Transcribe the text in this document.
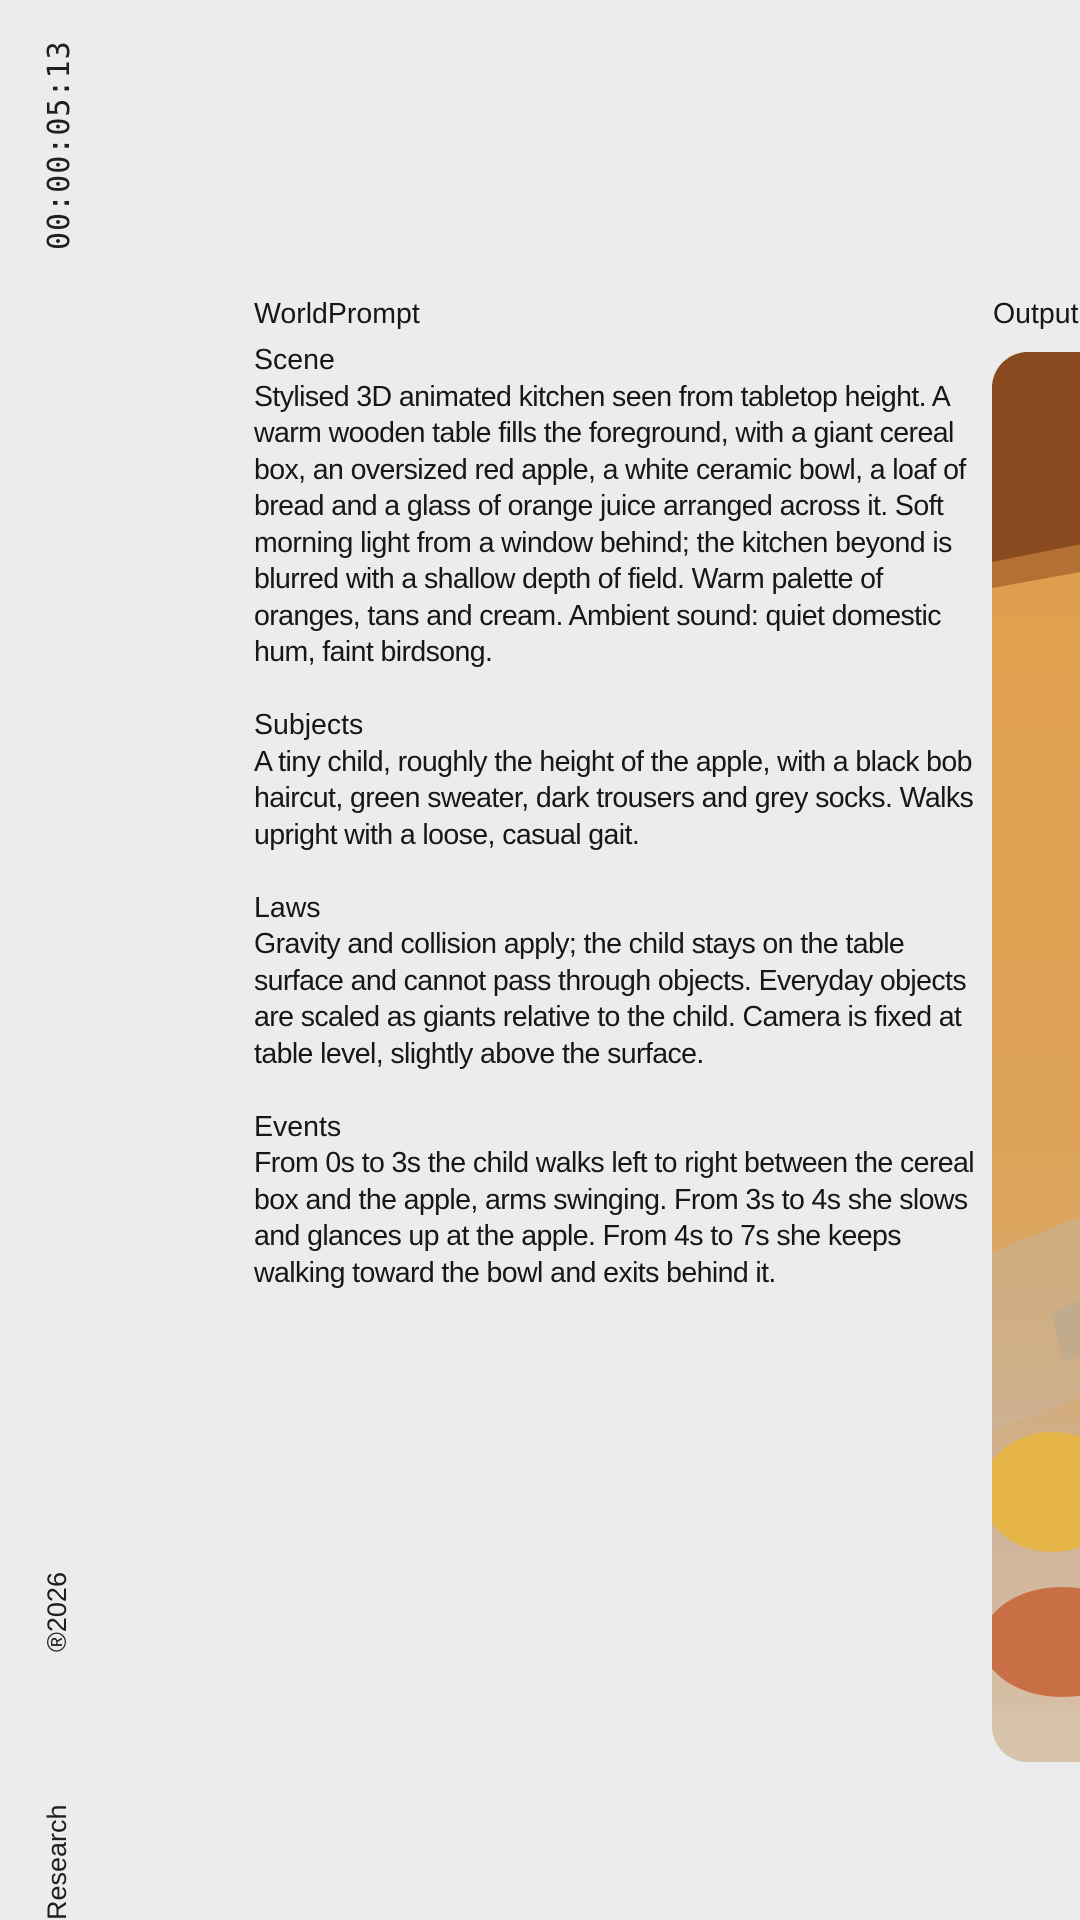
00:00:05:13
®2026
Research
WorldPrompt
Scene
Stylised 3D animated kitchen seen from tabletop height. A warm wooden table fills the foreground, with a giant cereal box, an oversized red apple, a white ceramic bowl, a loaf of bread and a glass of orange juice arranged across it. Soft morning light from a window behind; the kitchen beyond is blurred with a shallow depth of field. Warm palette of oranges, tans and cream. Ambient sound: quiet domestic hum, faint birdsong.
Subjects
A tiny child, roughly the height of the apple, with a black bob haircut, green sweater, dark trousers and grey socks. Walks upright with a loose, casual gait.
Laws
Gravity and collision apply; the child stays on the table surface and cannot pass through objects. Everyday objects are scaled as giants relative to the child. Camera is fixed at table level, slightly above the surface.
Events
From 0s to 3s the child walks left to right between the cereal box and the apple, arms swinging. From 3s to 4s she slows and glances up at the apple. From 4s to 7s she keeps walking toward the bowl and exits behind it.
Output
